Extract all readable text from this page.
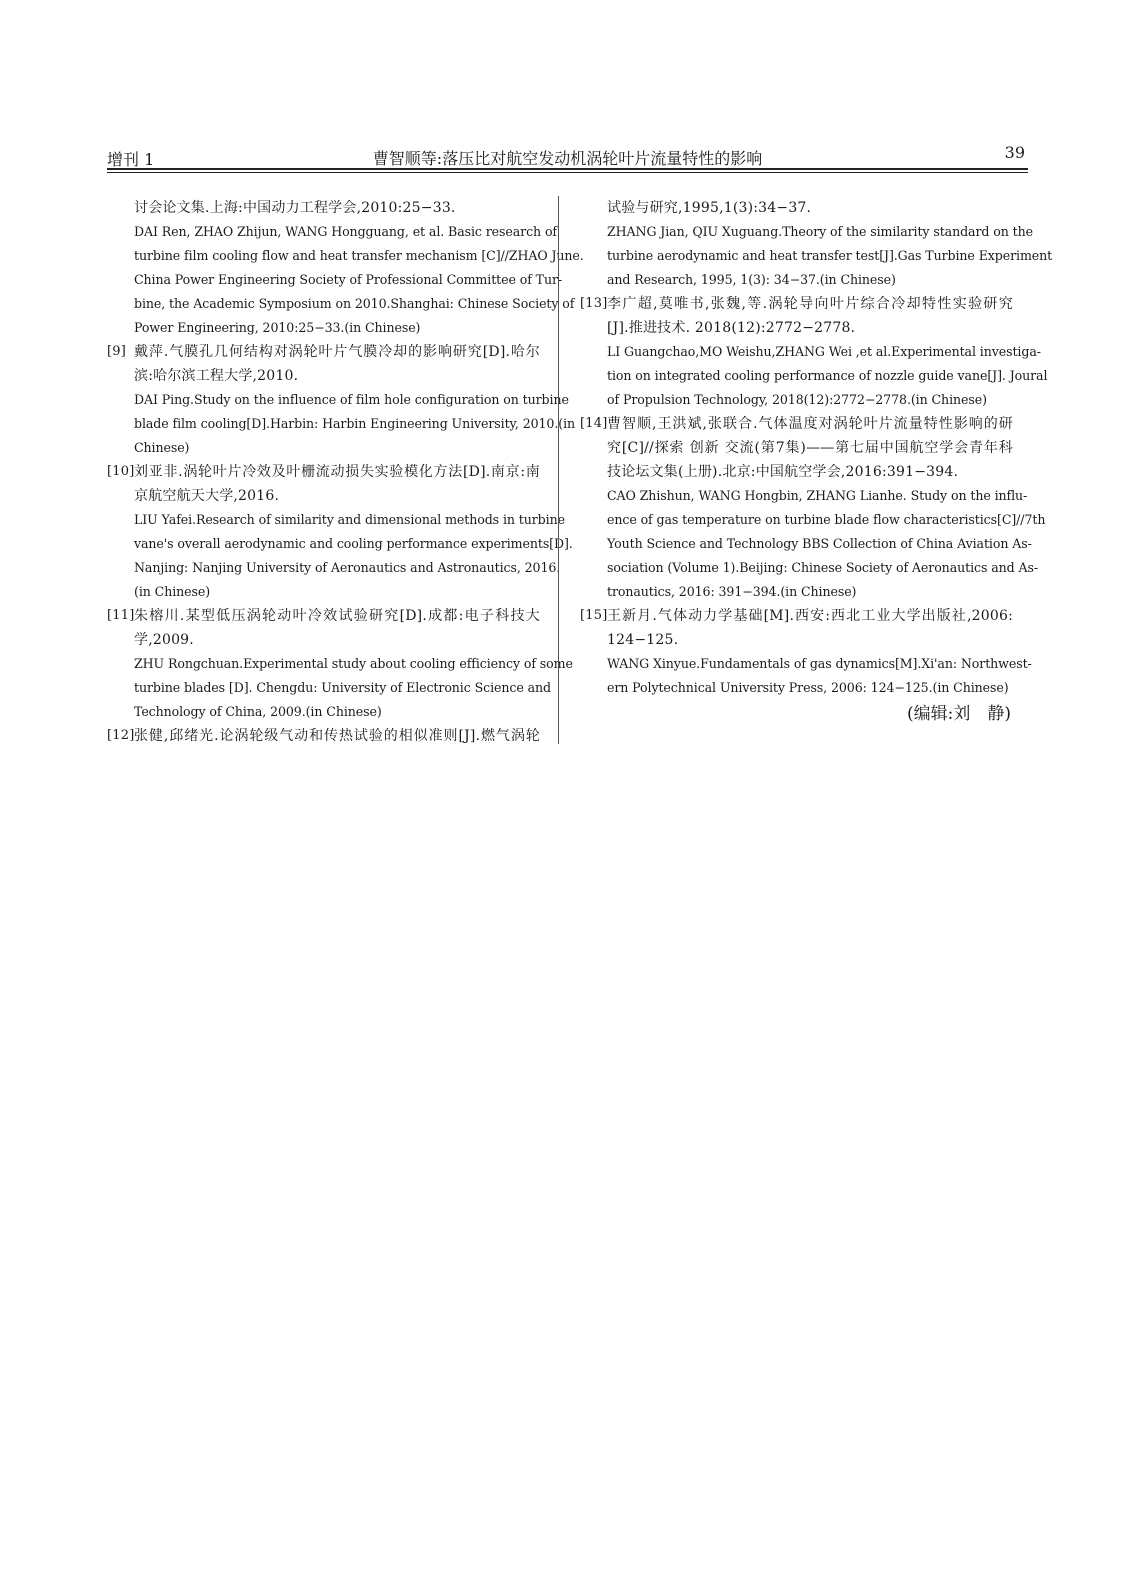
增刊 1	曹智顺等:落压比对航空发动机涡轮叶片流量特性的影响	39
讨会论文集.上海:中国动力工程学会,2010:25−33.
DAI Ren, ZHAO Zhijun, WANG Hongguang, et al. Basic research of
turbine film cooling flow and heat transfer mechanism [C]//ZHAO June.
China Power Engineering Society of Professional Committee of Tur-
bine, the Academic Symposium on 2010.Shanghai: Chinese Society of
Power Engineering, 2010:25−33.(in Chinese)
[9] 戴萍.气膜孔几何结构对涡轮叶片气膜冷却的影响研究[D].哈尔
滨:哈尔滨工程大学,2010.
DAI Ping.Study on the influence of film hole configuration on turbine
blade film cooling[D].Harbin: Harbin Engineering University, 2010.(in
Chinese)
[10] 刘亚非.涡轮叶片冷效及叶栅流动损失实验模化方法[D].南京:南
京航空航天大学,2016.
LIU Yafei.Research of similarity and dimensional methods in turbine
vane's overall aerodynamic and cooling performance experiments[D].
Nanjing: Nanjing University of Aeronautics and Astronautics, 2016.
(in Chinese)
[11] 朱榕川.某型低压涡轮动叶冷效试验研究[D].成都:电子科技大
学,2009.
ZHU Rongchuan.Experimental study about cooling efficiency of some
turbine blades [D]. Chengdu: University of Electronic Science and
Technology of China, 2009.(in Chinese)
[12] 张健,邱绪光.论涡轮级气动和传热试验的相似准则[J].燃气涡轮
试验与研究,1995,1(3):34−37.
ZHANG Jian, QIU Xuguang.Theory of the similarity standard on the
turbine aerodynamic and heat transfer test[J].Gas Turbine Experiment
and Research, 1995, 1(3): 34−37.(in Chinese)
[13] 李广超,莫唯书,张魏,等.涡轮导向叶片综合冷却特性实验研究
[J].推进技术. 2018(12):2772−2778.
LI Guangchao,MO Weishu,ZHANG Wei ,et al.Experimental investiga-
tion on integrated cooling performance of nozzle guide vane[J]. Joural
of Propulsion Technology, 2018(12):2772−2778.(in Chinese)
[14] 曹智顺,王洪斌,张联合.气体温度对涡轮叶片流量特性影响的研
究[C]//探索 创新 交流(第7集)——第七届中国航空学会青年科
技论坛文集(上册).北京:中国航空学会,2016:391−394.
CAO Zhishun, WANG Hongbin, ZHANG Lianhe. Study on the influ-
ence of gas temperature on turbine blade flow characteristics[C]//7th
Youth Science and Technology BBS Collection of China Aviation As-
sociation (Volume 1).Beijing: Chinese Society of Aeronautics and As-
tronautics, 2016: 391−394.(in Chinese)
[15] 王新月.气体动力学基础[M].西安:西北工业大学出版社,2006:
124−125.
WANG Xinyue.Fundamentals of gas dynamics[M].Xi'an: Northwest-
ern Polytechnical University Press, 2006: 124−125.(in Chinese)
(编辑:刘　静)
